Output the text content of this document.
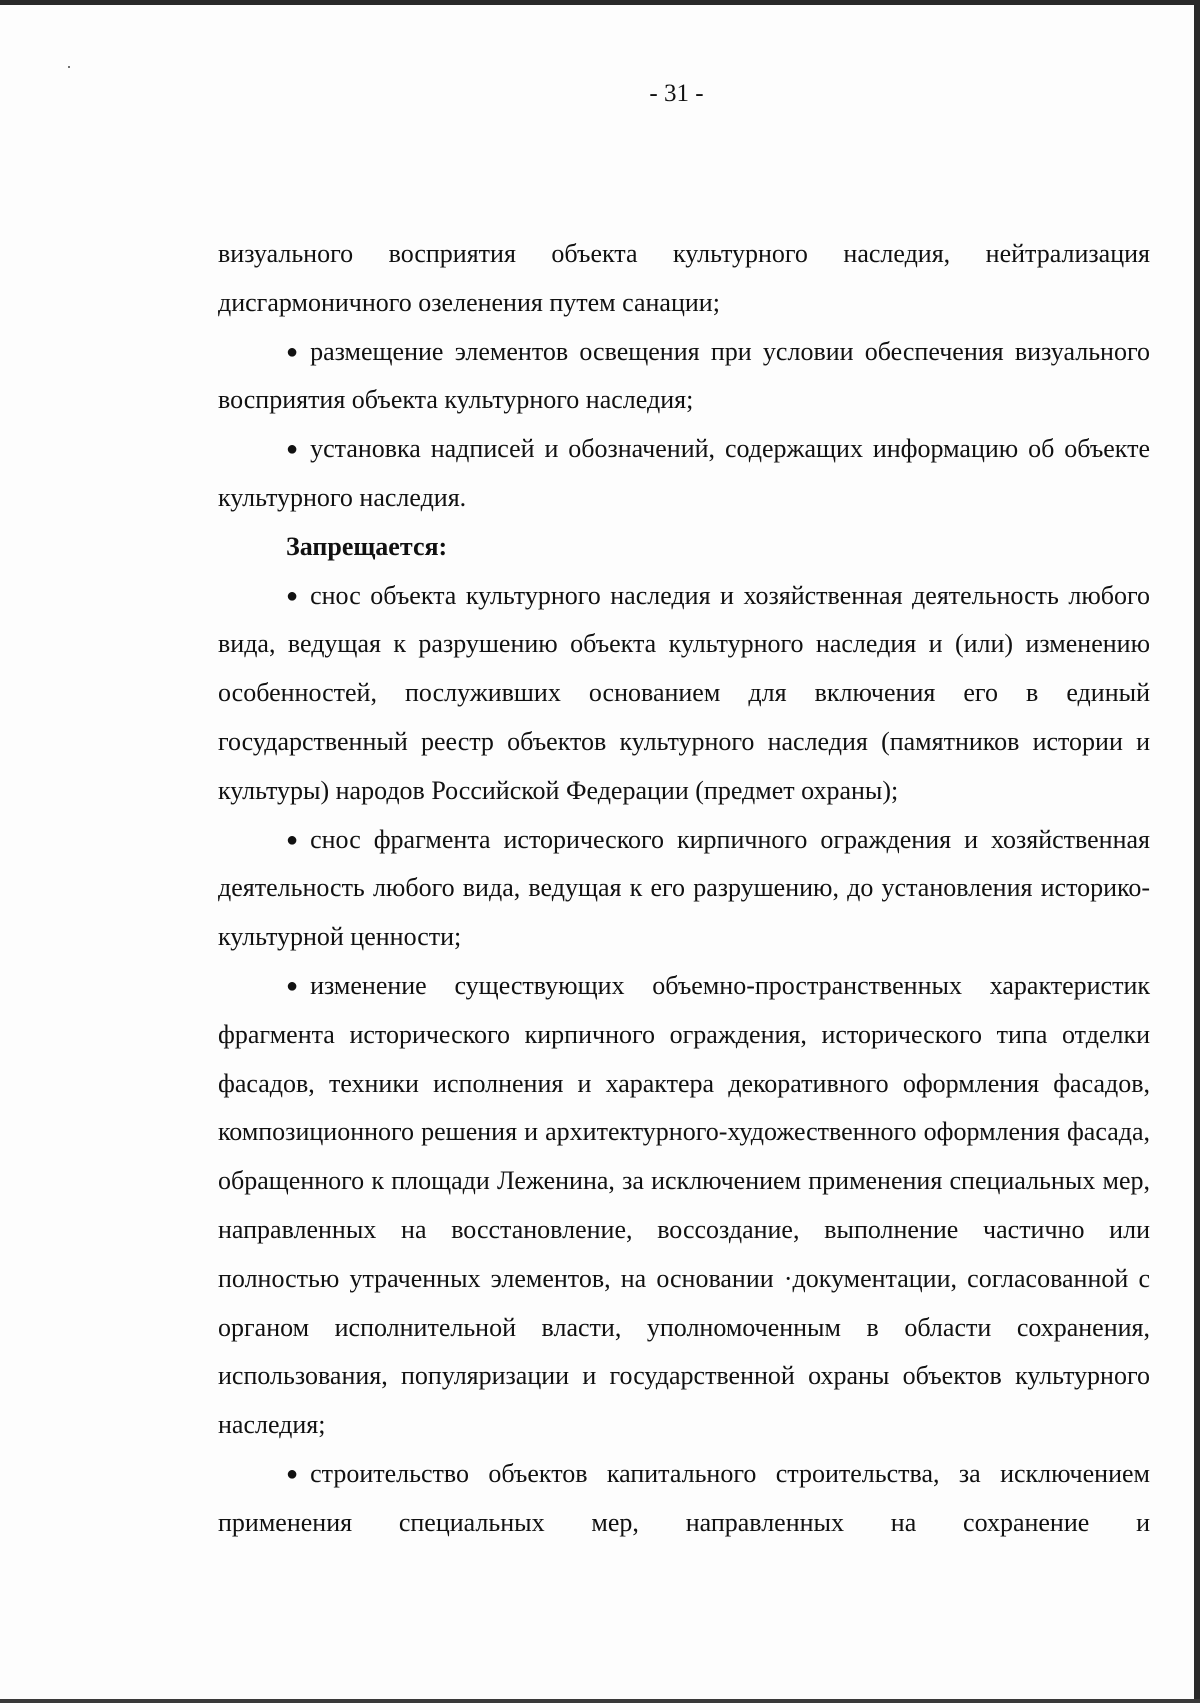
- 31 -

визуального восприятия объекта культурного наследия, нейтрализация дисгармоничного озеленения путем санации;

● размещение элементов освещения при условии обеспечения визуального восприятия объекта культурного наследия;

● установка надписей и обозначений, содержащих информацию об объекте культурного наследия.

Запрещается:

● снос объекта культурного наследия и хозяйственная деятельность любого вида, ведущая к разрушению объекта культурного наследия и (или) изменению особенностей, послуживших основанием для включения его в единый государственный реестр объектов культурного наследия (памятников истории и культуры) народов Российской Федерации (предмет охраны);

● снос фрагмента исторического кирпичного ограждения и хозяйственная деятельность любого вида, ведущая к его разрушению, до установления историко-культурной ценности;

● изменение существующих объемно-пространственных характеристик фрагмента исторического кирпичного ограждения, исторического типа отделки фасадов, техники исполнения и характера декоративного оформления фасадов, композиционного решения и архитектурного-художественного оформления фасада, обращенного к площади Леженина, за исключением применения специальных мер, направленных на восстановление, воссоздание, выполнение частично или полностью утраченных элементов, на основании ·документации, согласованной с органом исполнительной власти, уполномоченным в области сохранения, использования, популяризации и государственной охраны объектов культурного наследия;

● строительство объектов капитального строительства, за исключением применения специальных мер, направленных на сохранение и
